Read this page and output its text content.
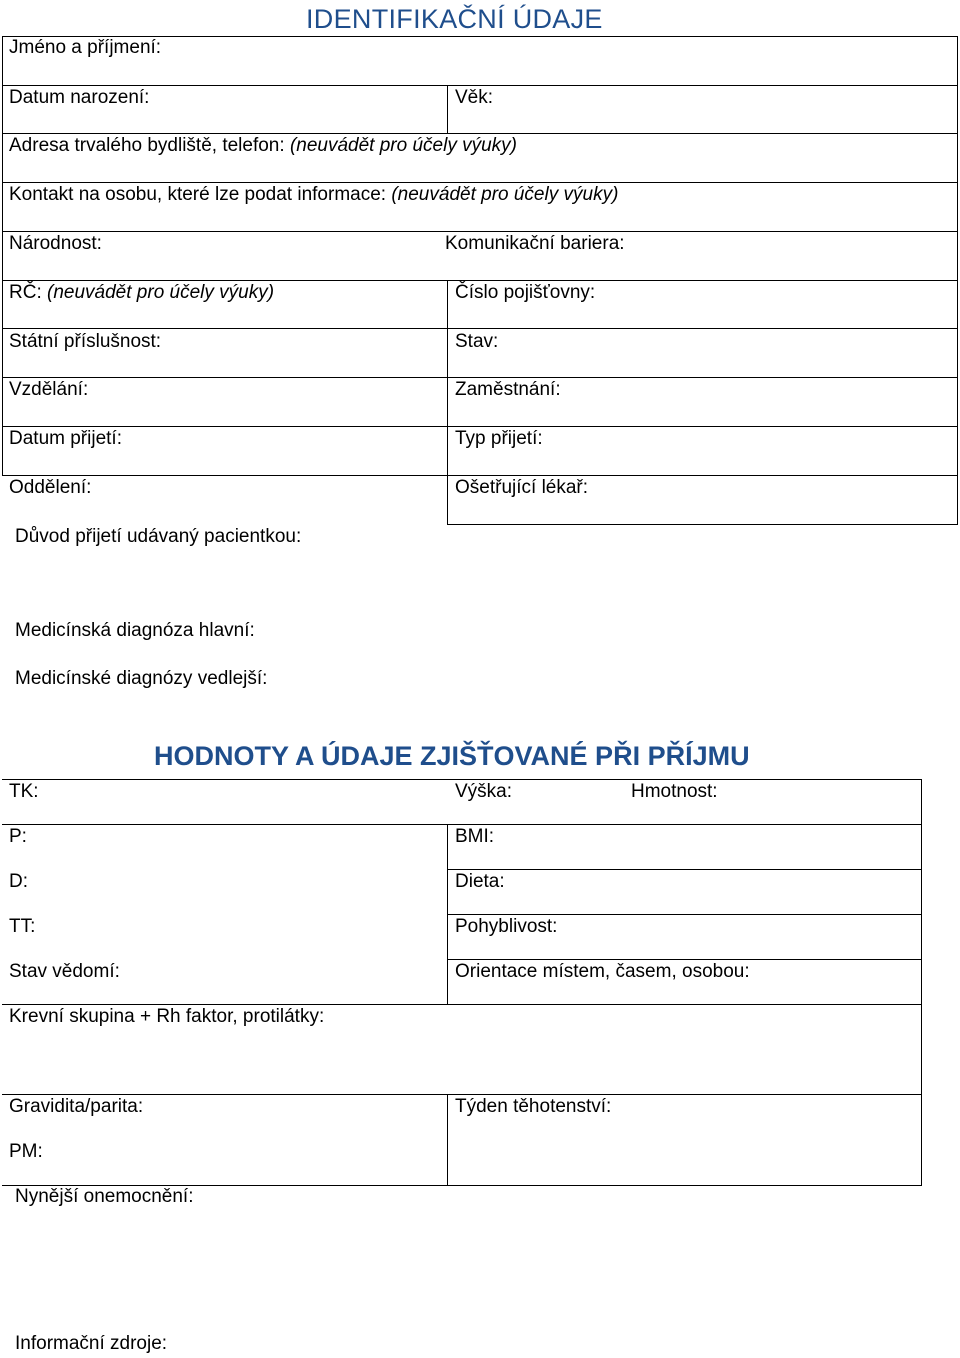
IDENTIFIKAČNÍ ÚDAJE
Jméno a příjmení:
Datum narození:	Věk:
Adresa trvalého bydliště, telefon: (neuvádět pro účely výuky)
Kontakt na osobu, které lze podat informace: (neuvádět pro účely výuky)
Národnost:	Komunikační bariera:
RČ: (neuvádět pro účely výuky)	Číslo pojišťovny:
Státní příslušnost:	Stav:
Vzdělání:	Zaměstnání:
Datum přijetí:	Typ přijetí:
Oddělení:	Ošetřující lékař:
Důvod přijetí udávaný pacientkou:
Medicínská diagnóza hlavní:
Medicínské diagnózy vedlejší:
HODNOTY A ÚDAJE ZJIŠŤOVANÉ PŘI PŘÍJMU
TK:	Výška:	Hmotnost:
P:	BMI:
D:	Dieta:
TT:	Pohyblivost:
Stav vědomí:	Orientace místem, časem, osobou:
Krevní skupina + Rh faktor, protilátky:
Gravidita/parita:	Týden těhotenství:
PM:
Nynější onemocnění:
Informační zdroje:
